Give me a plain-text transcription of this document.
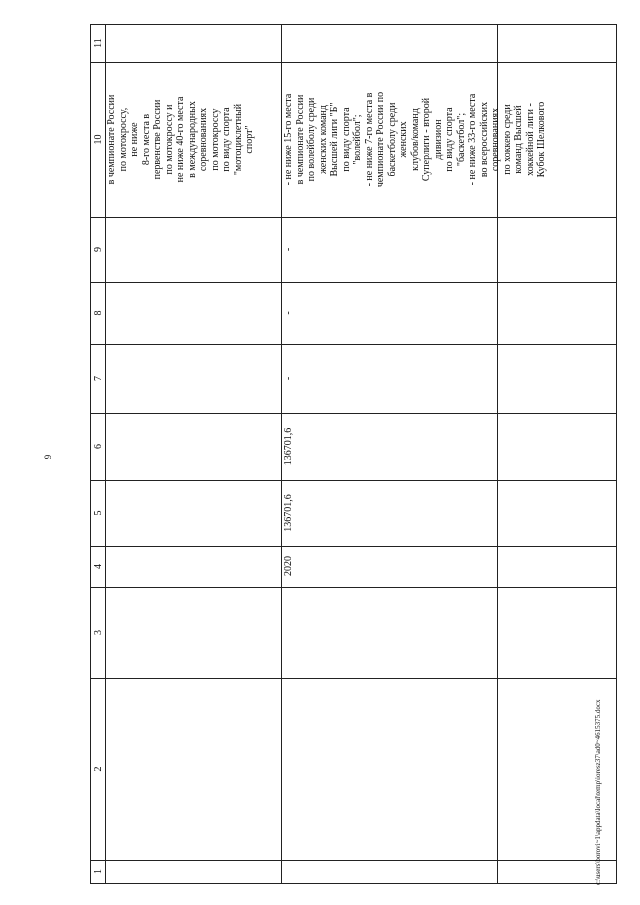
9
1
2
3
4
5
6
7
8
9
10
11
в чемпионате России по мотокроссу, не ниже 8-го места в первенстве России по мотокроссу и не ниже 40-го места в международных соревнованиях по мотокроссу по виду спорта "мотоциклетный спорт"
2020
136701,6
136701,6
-
-
-
- не ниже 15-го места в чемпионате России по волейболу среди женских команд Высшей лиги "Б" по виду спорта "волейбол"; - не ниже 7-го места в чемпионате России по баскетболу среди женских клубов/команд Суперлиги - второй дивизион по виду спорта "баскетбол"; - не ниже 33-го места во всероссийских соревнованиях по хоккею среди команд Высшей хоккейной лиги - Кубок Шелкового
c:\users\borovi~1\appdata\local\temp\ioresz37\ad0~4615375.docx
